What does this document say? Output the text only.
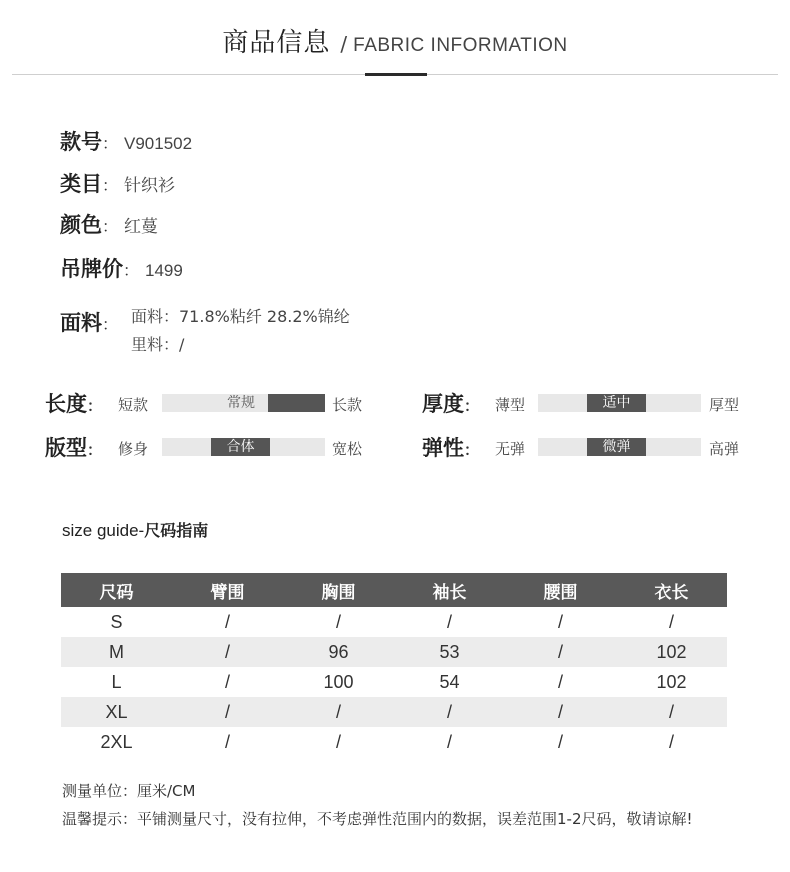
商品信息 / FABRIC INFORMATION
款号： V901502
类目： 针织衫
颜色： 红蔓
吊牌价： 1499
面料： 面料：71.8%粘纤 28.2%锦纶
里料：/
长度： 短款	常规	长款	厚度： 薄型	适中	厚型
版型： 修身	合体	宽松	弹性： 无弹	微弹	高弹
size guide-尺码指南
尺码	臂围	胸围	袖长	腰围	衣长
S	/	/	/	/	/
M	/	96	53	/	102
L	/	100	54	/	102
XL	/	/	/	/	/
2XL	/	/	/	/	/
测量单位：厘米/CM
温馨提示：平铺测量尺寸，没有拉伸，不考虑弹性范围内的数据，误差范围1-2尺码，敬请谅解!
